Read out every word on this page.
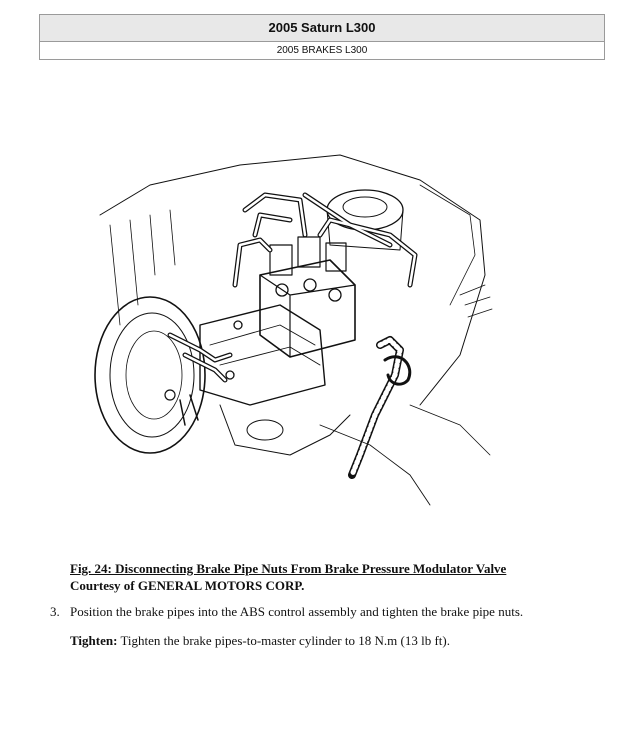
2005 Saturn L300
2005 BRAKES L300
Fig. 24: Disconnecting Brake Pipe Nuts From Brake Pressure Modulator Valve
Courtesy of GENERAL MOTORS CORP.
3. Position the brake pipes into the ABS control assembly and tighten the brake pipe nuts.
Tighten: Tighten the brake pipes-to-master cylinder to 18 N.m (13 lb ft).
